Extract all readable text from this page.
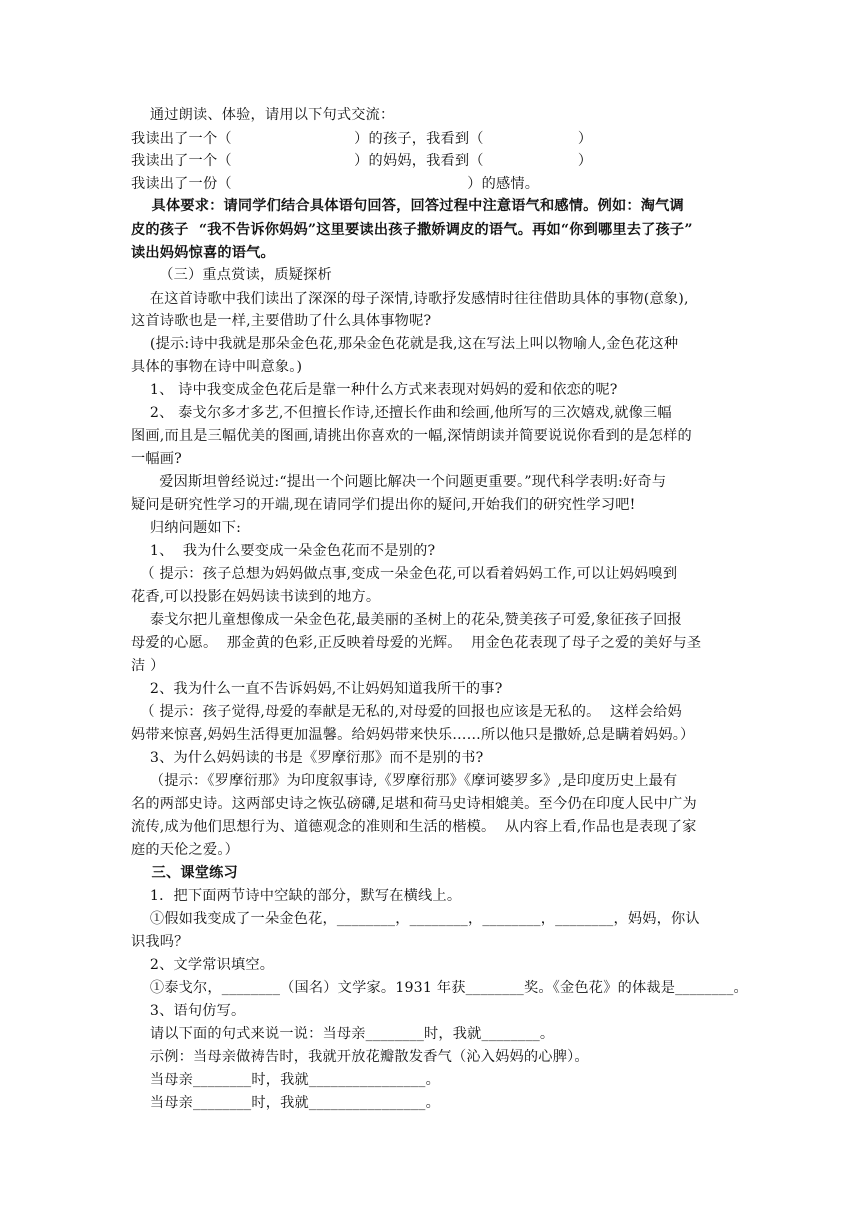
通过朗读、体验，请用以下句式交流：
我读出了一个（                          ）的孩子，我看到（                    ）
我读出了一个（                          ）的妈妈，我看到（                    ）
我读出了一份（                                                  ）的感情。
具体要求：请同学们结合具体语句回答，回答过程中注意语气和感情。例如：淘气调
皮的孩子  “我不告诉你妈妈”这里要读出孩子撒娇调皮的语气。再如“你到哪里去了孩子”
读出妈妈惊喜的语气。
（三）重点赏读，质疑探析
在这首诗歌中我们读出了深深的母子深情,诗歌抒发感情时往往借助具体的事物(意象),
这首诗歌也是一样,主要借助了什么具体事物呢?
(提示:诗中我就是那朵金色花,那朵金色花就是我,这在写法上叫以物喻人,金色花这种
具体的事物在诗中叫意象。)
1、 诗中我变成金色花后是靠一种什么方式来表现对妈妈的爱和依恋的呢?
2、 泰戈尔多才多艺,不但擅长作诗,还擅长作曲和绘画,他所写的三次嬉戏,就像三幅
图画,而且是三幅优美的图画,请挑出你喜欢的一幅,深情朗读并简要说说你看到的是怎样的
一幅画?
爱因斯坦曾经说过:“提出一个问题比解决一个问题更重要。”现代科学表明:好奇与
疑问是研究性学习的开端,现在请同学们提出你的疑问,开始我们的研究性学习吧!
归纳问题如下:
1、  我为什么要变成一朵金色花而不是别的?
（ 提示：孩子总想为妈妈做点事,变成一朵金色花,可以看着妈妈工作,可以让妈妈嗅到
花香,可以投影在妈妈读书读到的地方。
泰戈尔把儿童想像成一朵金色花,最美丽的圣树上的花朵,赞美孩子可爱,象征孩子回报
母爱的心愿。  那金黄的色彩,正反映着母爱的光辉。  用金色花表现了母子之爱的美好与圣
洁 ）
2、我为什么一直不告诉妈妈,不让妈妈知道我所干的事?
（ 提示：孩子觉得,母爱的奉献是无私的,对母爱的回报也应该是无私的。  这样会给妈
妈带来惊喜,妈妈生活得更加温馨。给妈妈带来快乐……所以他只是撒娇,总是瞒着妈妈。）
3、为什么妈妈读的书是《罗摩衍那》而不是别的书?
（提示：《罗摩衍那》为印度叙事诗,《罗摩衍那》《摩诃婆罗多》,是印度历史上最有
名的两部史诗。这两部史诗之恢弘磅礴,足堪和荷马史诗相媲美。至今仍在印度人民中广为
流传,成为他们思想行为、道德观念的准则和生活的楷模。  从内容上看,作品也是表现了家
庭的天伦之爱。）
三、课堂练习
1．把下面两节诗中空缺的部分，默写在横线上。
①假如我变成了一朵金色花，________，________，________，________，妈妈，你认
识我吗？
2、文学常识填空。
①泰戈尔，________（国名）文学家。1931 年获________奖。《金色花》的体裁是________。
3、语句仿写。
请以下面的句式来说一说：当母亲________时，我就________。
示例：当母亲做祷告时，我就开放花瓣散发香气（沁入妈妈的心脾）。
当母亲________时，我就________________。
当母亲________时，我就________________。
